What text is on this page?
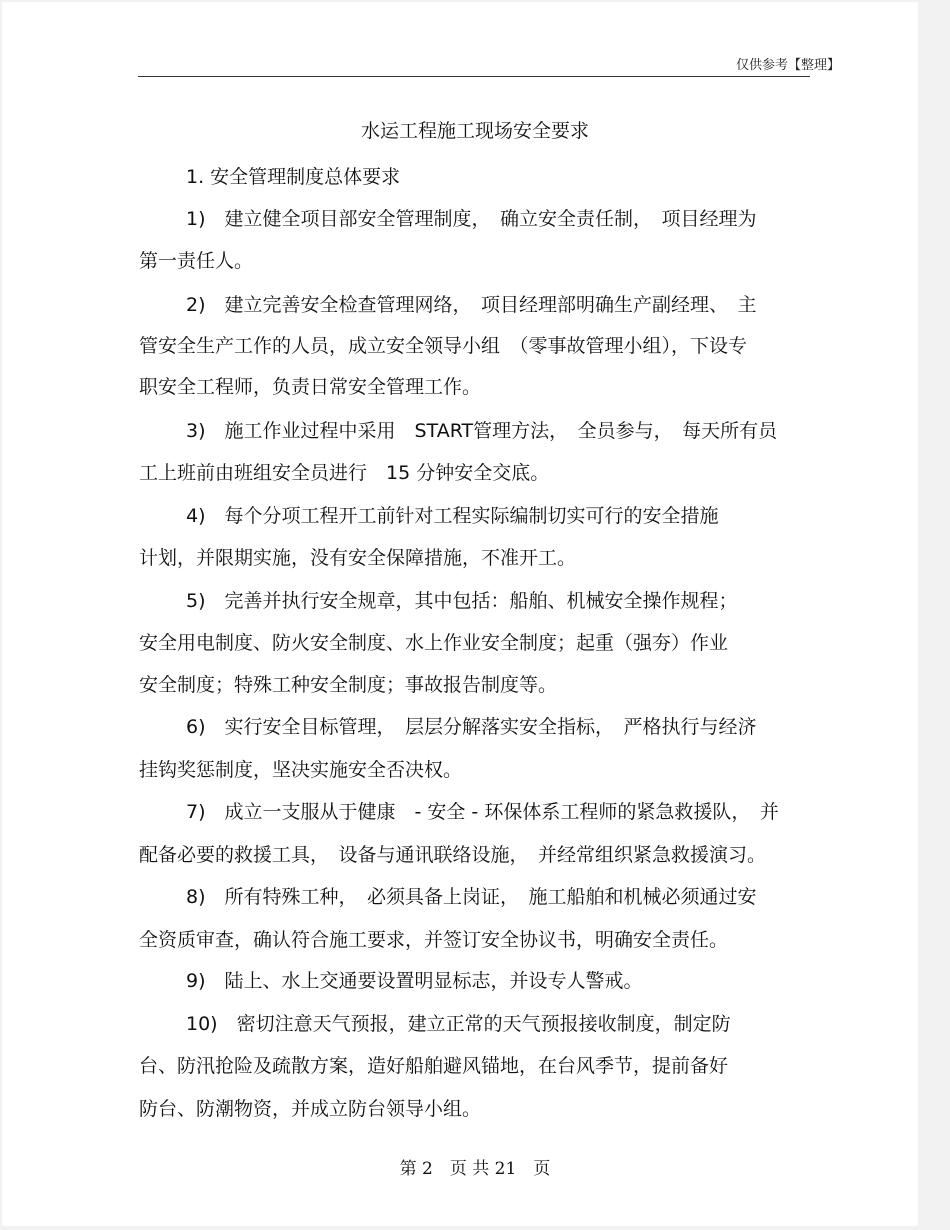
仅供参考【整理】
水运工程施工现场安全要求
1. 安全管理制度总体要求
1)　建立健全项目部安全管理制度，　确立安全责任制，　项目经理为
第一责任人。
2)　建立完善安全检查管理网络，　项目经理部明确生产副经理、　主
管安全生产工作的人员，成立安全领导小组　（零事故管理小组），下设专
职安全工程师，负责日常安全管理工作。
3)　施工作业过程中采用　START管理方法，　全员参与，　每天所有员
工上班前由班组安全员进行　15 分钟安全交底。
4)　每个分项工程开工前针对工程实际编制切实可行的安全措施
计划，并限期实施，没有安全保障措施，不准开工。
5)　完善并执行安全规章，其中包括：船舶、机械安全操作规程；
安全用电制度、防火安全制度、水上作业安全制度；起重（强夯）作业
安全制度；特殊工种安全制度；事故报告制度等。
6)　实行安全目标管理，　层层分解落实安全指标，　严格执行与经济
挂钩奖惩制度，坚决实施安全否决权。
7)　成立一支服从于健康　- 安全 - 环保体系工程师的紧急救援队，　并
配备必要的救援工具，　设备与通讯联络设施，　并经常组织紧急救援演习。
8)　所有特殊工种，　必须具备上岗证，　施工船舶和机械必须通过安
全资质审查，确认符合施工要求，并签订安全协议书，明确安全责任。
9)　陆上、水上交通要设置明显标志，并设专人警戒。
10)　密切注意天气预报，建立正常的天气预报接收制度，制定防
台、防汛抢险及疏散方案，造好船舶避风锚地，在台风季节，提前备好
防台、防潮物资，并成立防台领导小组。
第 2　页 共 21　页
